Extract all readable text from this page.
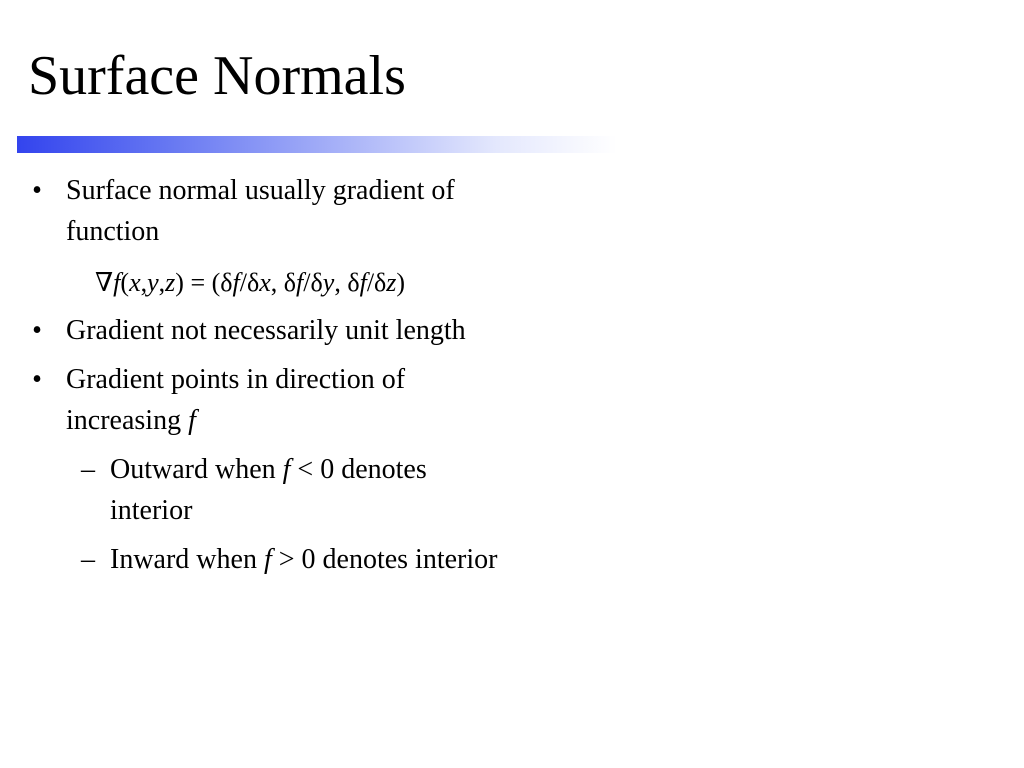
Surface Normals
• Surface normal usually gradient of
function
∇f(x,y,z) = (δf/δx, δf/δy, δf/δz)
• Gradient not necessarily unit length
• Gradient points in direction of
increasing f
– Outward when f < 0 denotes
interior
– Inward when f > 0 denotes interior
